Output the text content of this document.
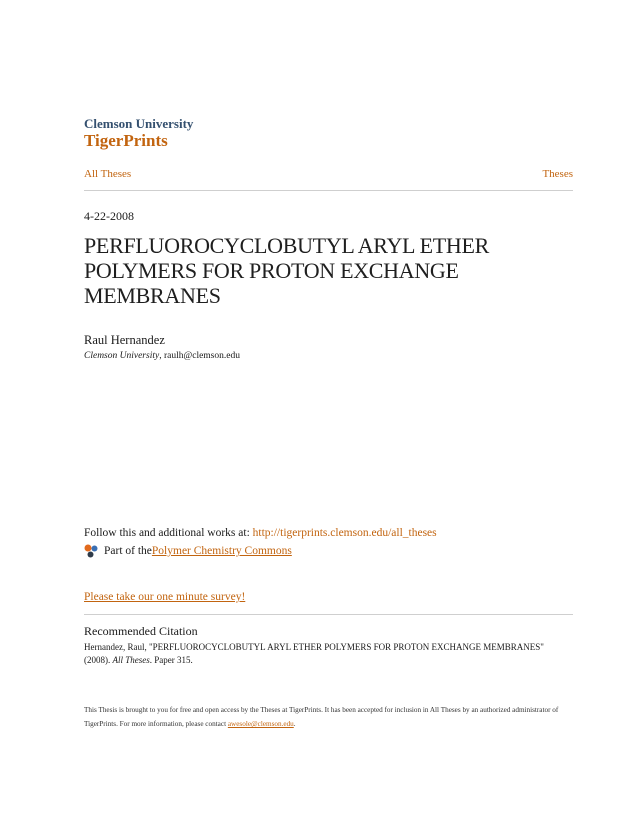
Clemson University
TigerPrints
All Theses	Theses
4-22-2008
PERFLUOROCYCLOBUTYL ARYL ETHER POLYMERS FOR PROTON EXCHANGE MEMBRANES
Raul Hernandez
Clemson University, raulh@clemson.edu
Follow this and additional works at: http://tigerprints.clemson.edu/all_theses
Part of the Polymer Chemistry Commons
Please take our one minute survey!
Recommended Citation
Hernandez, Raul, "PERFLUOROCYCLOBUTYL ARYL ETHER POLYMERS FOR PROTON EXCHANGE MEMBRANES" (2008). All Theses. Paper 315.
This Thesis is brought to you for free and open access by the Theses at TigerPrints. It has been accepted for inclusion in All Theses by an authorized administrator of TigerPrints. For more information, please contact awesole@clemson.edu.
